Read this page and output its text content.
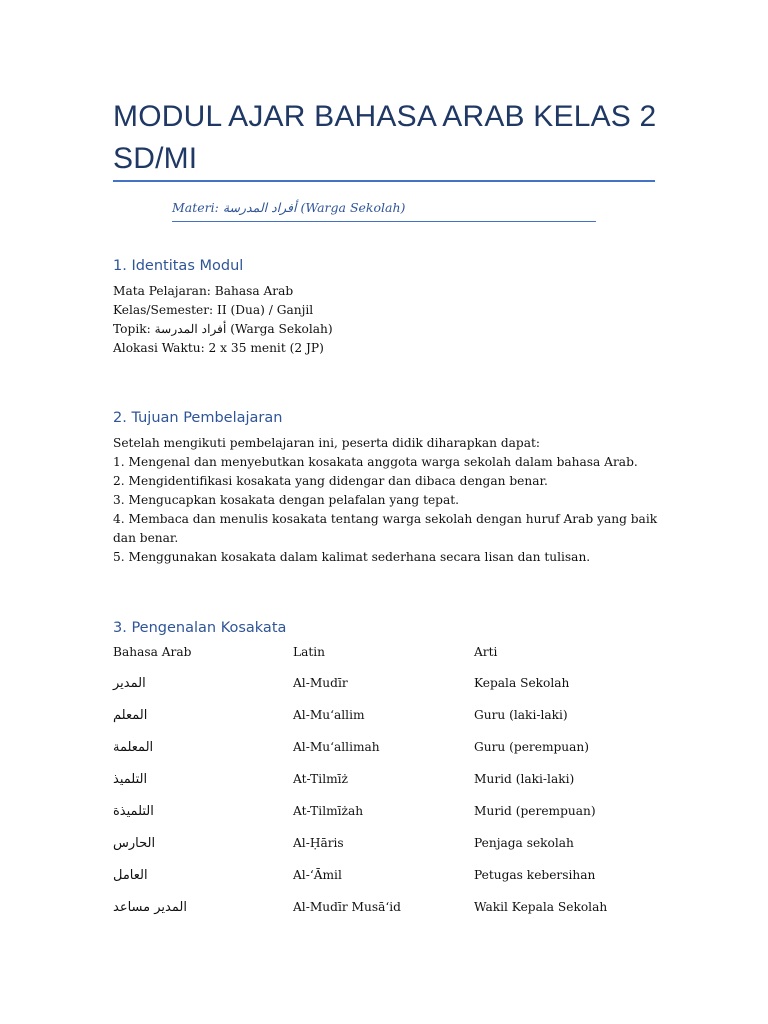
MODUL AJAR BAHASA ARAB KELAS 2 SD/MI
Materi: أفراد المدرسة (Warga Sekolah)
1. Identitas Modul
Mata Pelajaran: Bahasa Arab
Kelas/Semester: II (Dua) / Ganjil
Topik: أفراد المدرسة (Warga Sekolah)
Alokasi Waktu: 2 x 35 menit (2 JP)
2. Tujuan Pembelajaran
Setelah mengikuti pembelajaran ini, peserta didik diharapkan dapat:
1. Mengenal dan menyebutkan kosakata anggota warga sekolah dalam bahasa Arab.
2. Mengidentifikasi kosakata yang didengar dan dibaca dengan benar.
3. Mengucapkan kosakata dengan pelafalan yang tepat.
4. Membaca dan menulis kosakata tentang warga sekolah dengan huruf Arab yang baik dan benar.
5. Menggunakan kosakata dalam kalimat sederhana secara lisan dan tulisan.
3. Pengenalan Kosakata
Bahasa Arab	Latin	Arti
المدير	Al-Mudīr	Kepala Sekolah
المعلم	Al-Mu‘allim	Guru (laki-laki)
المعلمة	Al-Mu‘allimah	Guru (perempuan)
التلميذ	At-Tilmīż	Murid (laki-laki)
التلميذة	At-Tilmīżah	Murid (perempuan)
الحارس	Al-Ḥāris	Penjaga sekolah
العامل	Al-‘Āmil	Petugas kebersihan
المدير مساعد	Al-Mudīr Musā‘id	Wakil Kepala Sekolah
